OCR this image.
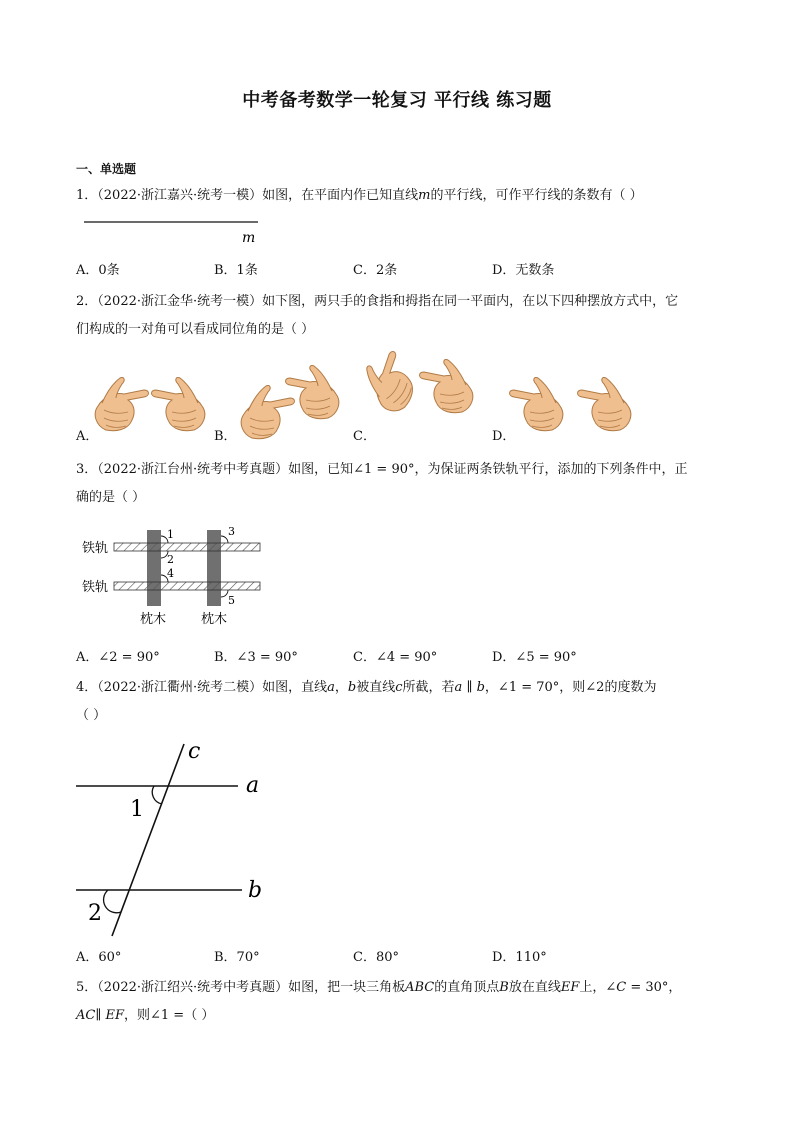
中考备考数学一轮复习 平行线 练习题
一、单选题
1．（2022·浙江嘉兴·统考一模）如图，在平面内作已知直线m的平行线，可作平行线的条数有（ ）
m
A．0条	B．1条	C．2条	D．无数条
2．（2022·浙江金华·统考一模）如下图，两只手的食指和拇指在同一平面内，在以下四种摆放方式中，它
们构成的一对角可以看成同位角的是（ ）
A．	B．	C．	D．
3．（2022·浙江台州·统考中考真题）如图，已知∠1 = 90°，为保证两条铁轨平行，添加的下列条件中，正
确的是（ ）
1	3
2
4
5
铁轨
铁轨
枕木	枕木
A．∠2 = 90°	B．∠3 = 90°	C．∠4 = 90°	D．∠5 = 90°
4．（2022·浙江衢州·统考二模）如图，直线a，b被直线c所截，若a ∥ b，∠1 = 70°，则∠2的度数为
（ ）
c
a
b
1
2
A．60°	B．70°	C．80°	D．110°
5．（2022·浙江绍兴·统考中考真题）如图，把一块三角板ABC的直角顶点B放在直线EF上，∠C = 30°，
AC∥ EF，则∠1 =（ ）
